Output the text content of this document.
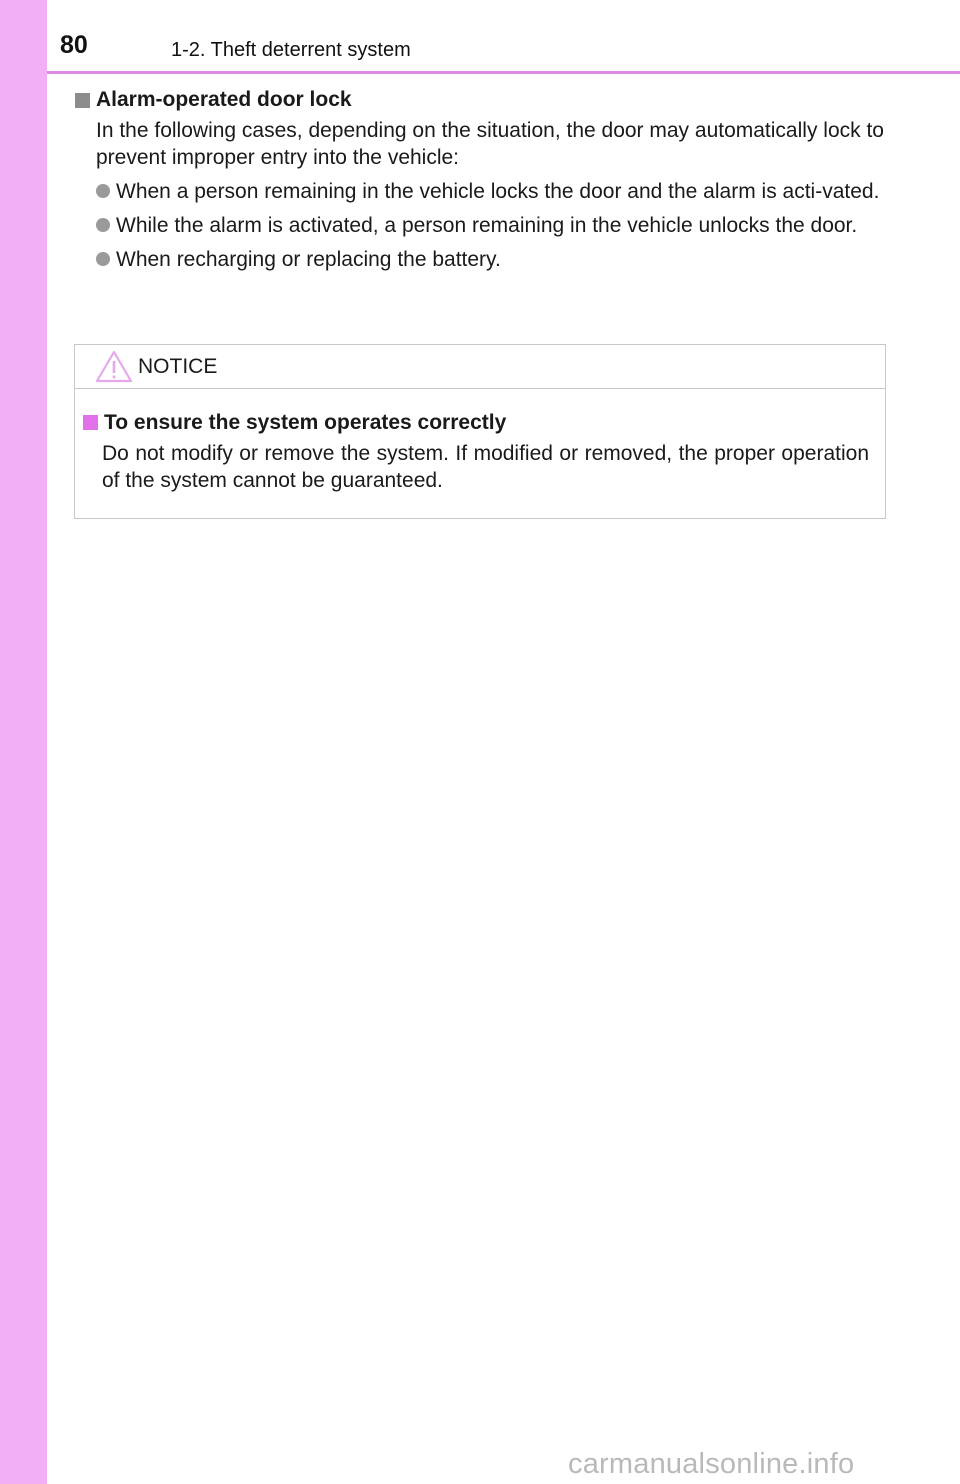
80	1-2. Theft deterrent system
Alarm-operated door lock

In the following cases, depending on the situation, the door may automatically lock to prevent improper entry into the vehicle:

When a person remaining in the vehicle locks the door and the alarm is acti-vated.
While the alarm is activated, a person remaining in the vehicle unlocks the door.
When recharging or replacing the battery.
NOTICE
To ensure the system operates correctly

Do not modify or remove the system. If modified or removed, the proper operation of the system cannot be guaranteed.

carmanualsonline.info
